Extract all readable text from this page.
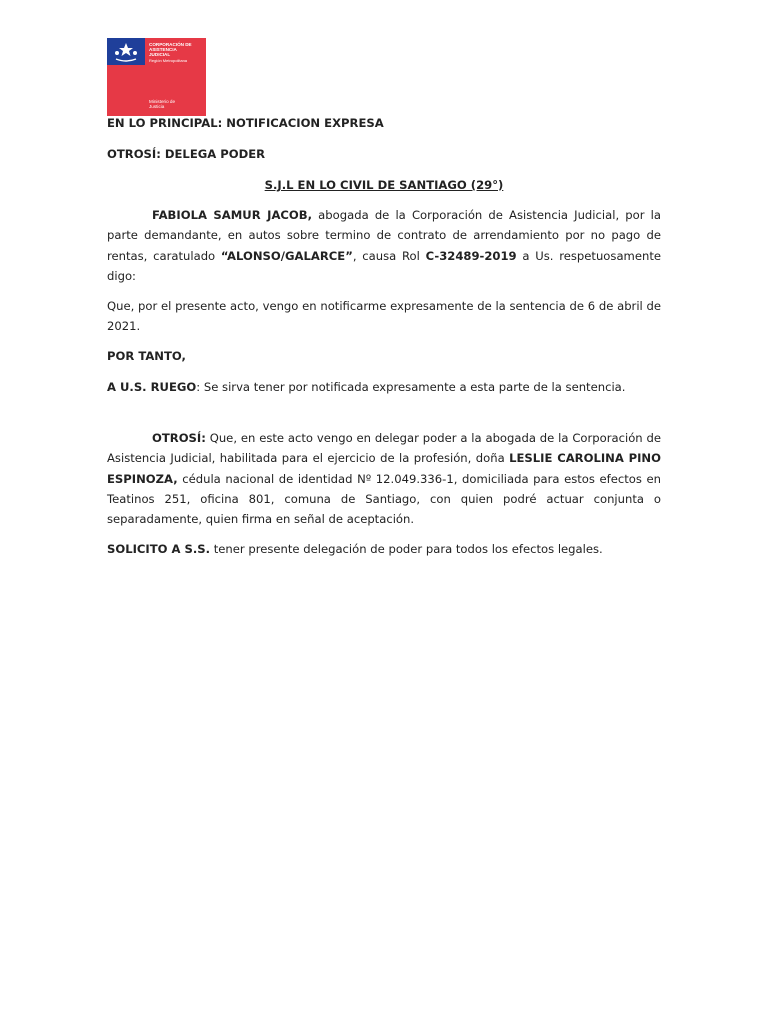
CORPORACIÓN DE
ASISTENCIA
JUDICIAL
Región Metropolitana
Ministerio de
Justicia
EN LO PRINCIPAL: NOTIFICACION EXPRESA
OTROSÍ: DELEGA PODER
S.J.L EN LO CIVIL DE SANTIAGO (29°)
FABIOLA SAMUR JACOB, abogada de la Corporación de Asistencia Judicial, por la parte demandante, en autos sobre termino de contrato de arrendamiento por no pago de rentas, caratulado “ALONSO/GALARCE”, causa Rol C-32489-2019 a Us. respetuosamente digo:
Que, por el presente acto, vengo en notificarme expresamente de la sentencia de 6 de abril de 2021.
POR TANTO,
A U.S. RUEGO: Se sirva tener por notificada expresamente a esta parte de la sentencia.
OTROSÍ: Que, en este acto vengo en delegar poder a la abogada de la Corporación de Asistencia Judicial, habilitada para el ejercicio de la profesión, doña LESLIE CAROLINA PINO ESPINOZA, cédula nacional de identidad Nº 12.049.336-1, domiciliada para estos efectos en Teatinos 251, oficina 801, comuna de Santiago, con quien podré actuar conjunta o separadamente, quien firma en señal de aceptación.
SOLICITO A S.S. tener presente delegación de poder para todos los efectos legales.
